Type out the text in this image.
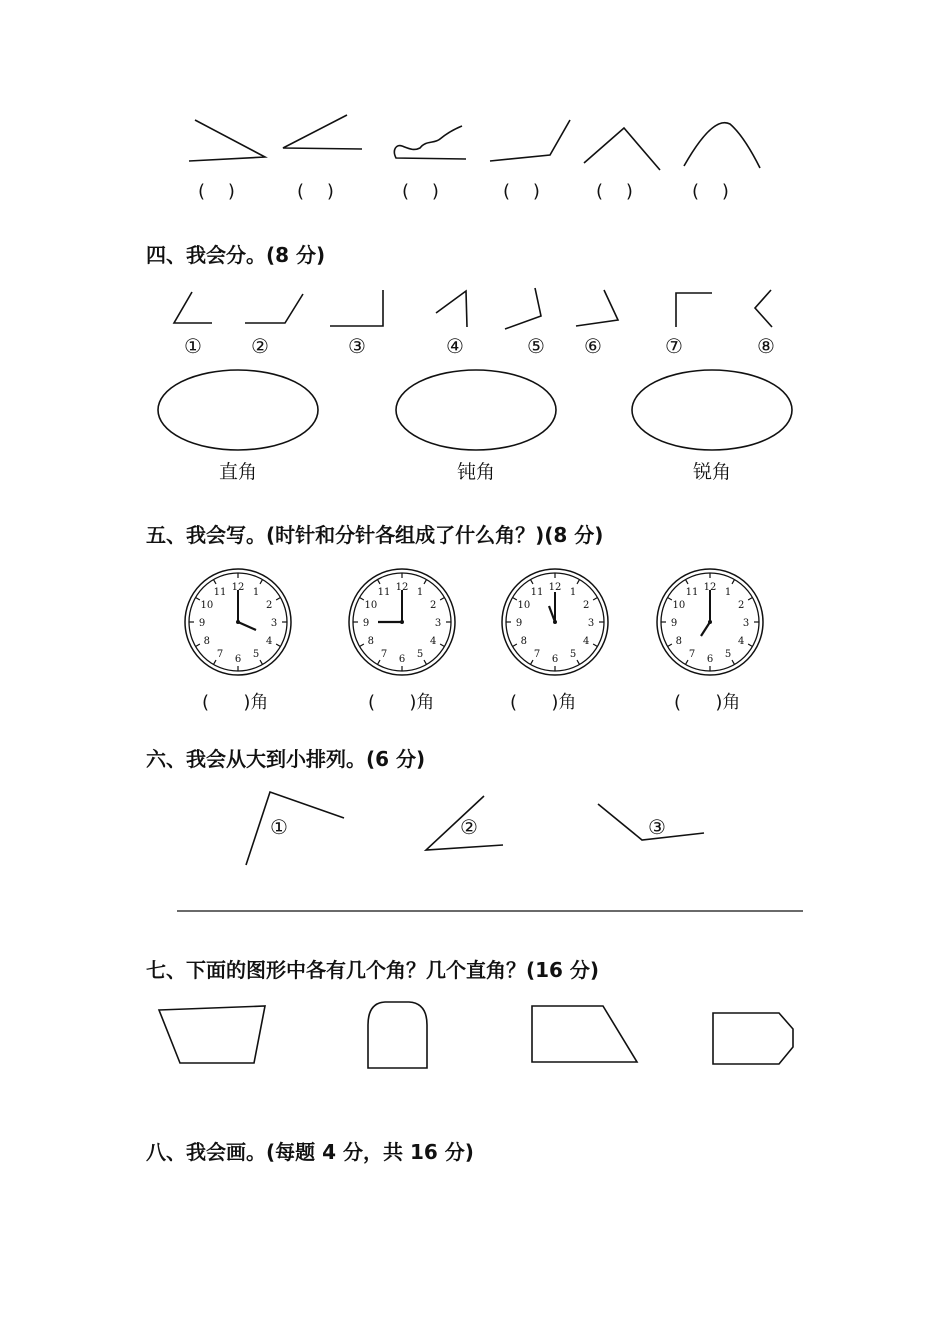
(    )	(    )	(    )	(    )	(    )	(    )
四、我会分。(8 分)
① ②	③	④	⑤ ⑥	⑦	⑧
直角	钝角	锐角
五、我会写。(时针和分针各组成了什么角？)(8 分)
12 1
2
3
4
5
6
7
8
9
10
11	12 1
2
3
4
5
6
7
8
9
10
11	12 1
2
3
4
5
6
7
8
9
10
11	12 1
2
3
4
5
6
7
8
9
10
11
(      )角	(      )角	(      )角	(      )角
六、我会从大到小排列。(6 分)
①	②	③
七、下面的图形中各有几个角？几个直角？(16 分)
八、我会画。(每题 4 分，共 16 分)
